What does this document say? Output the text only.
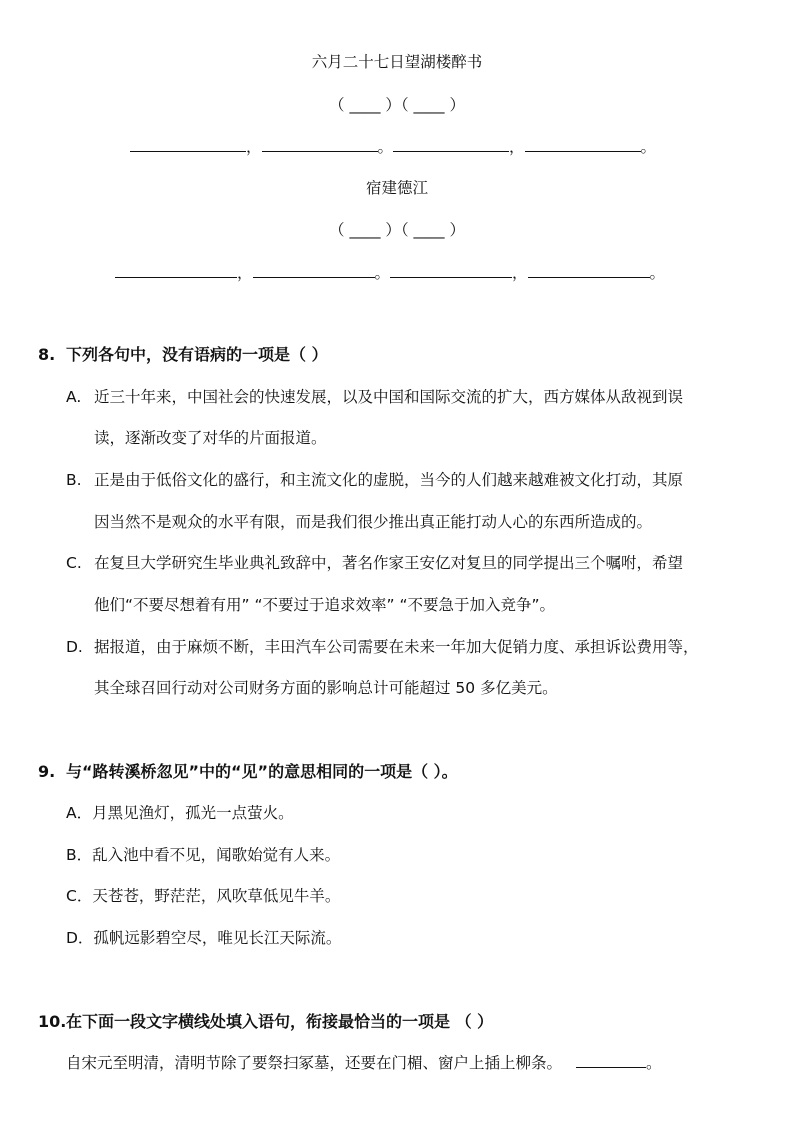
六月二十七日望湖楼醉书
（ ____ ）（ ____ ）
，	。	，	。
宿建德江
（ ____ ）（ ____ ）
，	。	，	。
8. 下列各句中，没有语病的一项是（ ）
A. 近三十年来，中国社会的快速发展，以及中国和国际交流的扩大，西方媒体从敌视到误
读，逐渐改变了对华的片面报道。
B. 正是由于低俗文化的盛行，和主流文化的虚脱，当今的人们越来越难被文化打动，其原
因当然不是观众的水平有限，而是我们很少推出真正能打动人心的东西所造成的。
C. 在复旦大学研究生毕业典礼致辞中，著名作家王安亿对复旦的同学提出三个嘱咐，希望
他们“不要尽想着有用” “不要过于追求效率” “不要急于加入竞争”。
D. 据报道，由于麻烦不断，丰田汽车公司需要在未来一年加大促销力度、承担诉讼费用等，
其全球召回行动对公司财务方面的影响总计可能超过 50 多亿美元。
9. 与“路转溪桥忽见”中的“见”的意思相同的一项是（ ）。
A．月黑见渔灯，孤光一点萤火。
B．乱入池中看不见，闻歌始觉有人来。
C．天苍苍，野茫茫，风吹草低见牛羊。
D．孤帆远影碧空尽，唯见长江天际流。
10.在下面一段文字横线处填入语句，衔接最恰当的一项是 （ ）
自宋元至明清，清明节除了要祭扫冢墓，还要在门楣、窗户上插上柳条。	。
